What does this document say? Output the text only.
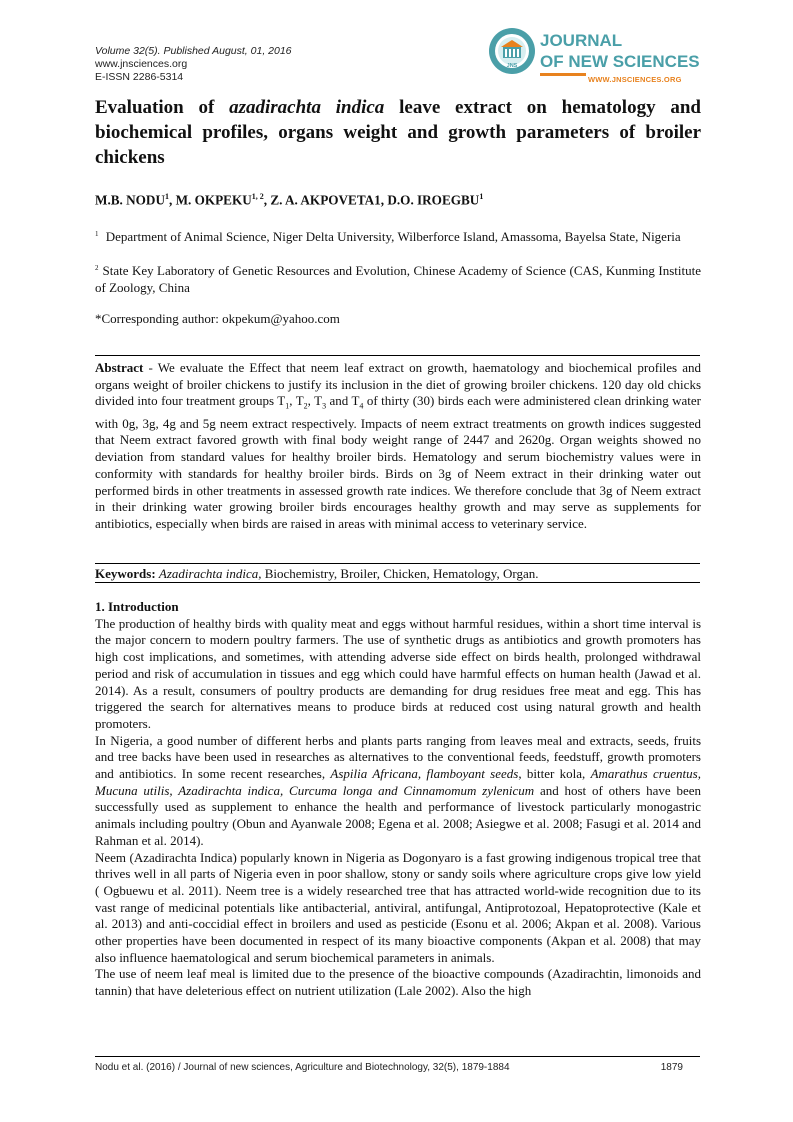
Volume 32(5). Published August, 01, 2016
www.jnsciences.org
E-ISSN 2286-5314
JNS
JOURNAL
OF NEW SCIENCES
WWW.JNSCIENCES.ORG
Evaluation of azadirachta indica leave extract on hematology and biochemical profiles, organs weight and growth parameters of broiler chickens
M.B. NODU$^1$, M. OKPEKU$^{1, 2}$, Z. A. AKPOVETA1, D.O. IROEGBU$^1$
$^1$ Department of Animal Science, Niger Delta University, Wilberforce Island, Amassoma, Bayelsa State, Nigeria
$^2$ State Key Laboratory of Genetic Resources and Evolution, Chinese Academy of Science (CAS, Kunming Institute of Zoology, China
*Corresponding author: okpekum@yahoo.com
Abstract - We evaluate the Effect that neem leaf extract on growth, haematology and biochemical profiles and organs weight of broiler chickens to justify its inclusion in the diet of growing broiler chickens. 120 day old chicks divided into four treatment groups $T_1$, $T_2$, $T_3$ and $T_4$ of thirty (30) birds each were administered clean drinking water with 0g, 3g, 4g and 5g neem extract respectively. Impacts of neem extract treatments on growth indices suggested that Neem extract favored growth with final body weight range of 2447 and 2620g. Organ weights showed no deviation from standard values for healthy broiler birds. Hematology and serum biochemistry values were in conformity with standards for healthy broiler birds. Birds on 3g of Neem extract in their drinking water out performed birds in other treatments in assessed growth rate indices. We therefore conclude that 3g of Neem extract in their drinking water growing broiler birds encourages healthy growth and may serve as supplements for antibiotics, especially when birds are raised in areas with minimal access to veterinary service.
Keywords: Azadirachta indica, Biochemistry, Broiler, Chicken, Hematology, Organ.
1. Introduction

The production of healthy birds with quality meat and eggs without harmful residues, within a short time interval is the major concern to modern poultry farmers. The use of synthetic drugs as antibiotics and growth promoters has high cost implications, and sometimes, with attending adverse side effect on birds health, prolonged withdrawal period and risk of accumulation in tissues and egg which could have harmful effects on human health (Jawad et al. 2014). As a result, consumers of poultry products are demanding for drug residues free meat and egg. This has triggered the search for alternatives means to produce birds at reduced cost using natural growth and health promoters.

In Nigeria, a good number of different herbs and plants parts ranging from leaves meal and extracts, seeds, fruits and tree backs have been used in researches as alternatives to the conventional feeds, feedstuff, growth promoters and antibiotics. In some recent researches, Aspilia Africana, flamboyant seeds, bitter kola, Amarathus cruentus, Mucuna utilis, Azadirachta indica, Curcuma longa and Cinnamomum zylenicum and host of others have been successfully used as supplement to enhance the health and performance of livestock particularly monogastric animals including poultry (Obun and Ayanwale 2008; Egena et al. 2008; Asiegwe et al. 2008; Fasugi et al. 2014 and Rahman et al. 2014).

Neem (Azadirachta Indica) popularly known in Nigeria as Dogonyaro is a fast growing indigenous tropical tree that thrives well in all parts of Nigeria even in poor shallow, stony or sandy soils where agriculture crops give low yield ( Ogbuewu et al. 2011). Neem tree is a widely researched tree that has attracted world-wide recognition due to its vast range of medicinal potentials like antibacterial, antiviral, antifungal, Antiprotozoal, Hepatoprotective (Kale et al. 2013) and anti-coccidial effect in broilers and used as pesticide (Esonu et al. 2006; Akpan et al. 2008). Various other properties have been documented in respect of its many bioactive components (Akpan et al. 2008) that may also influence haematological and serum biochemical parameters in animals.

The use of neem leaf meal is limited due to the presence of the bioactive compounds (Azadirachtin, limonoids and tannin) that have deleterious effect on nutrient utilization (Lale 2002). Also the high

Nodu et al. (2016) / Journal of new sciences, Agriculture and Biotechnology, 32(5), 1879-1884	1879
